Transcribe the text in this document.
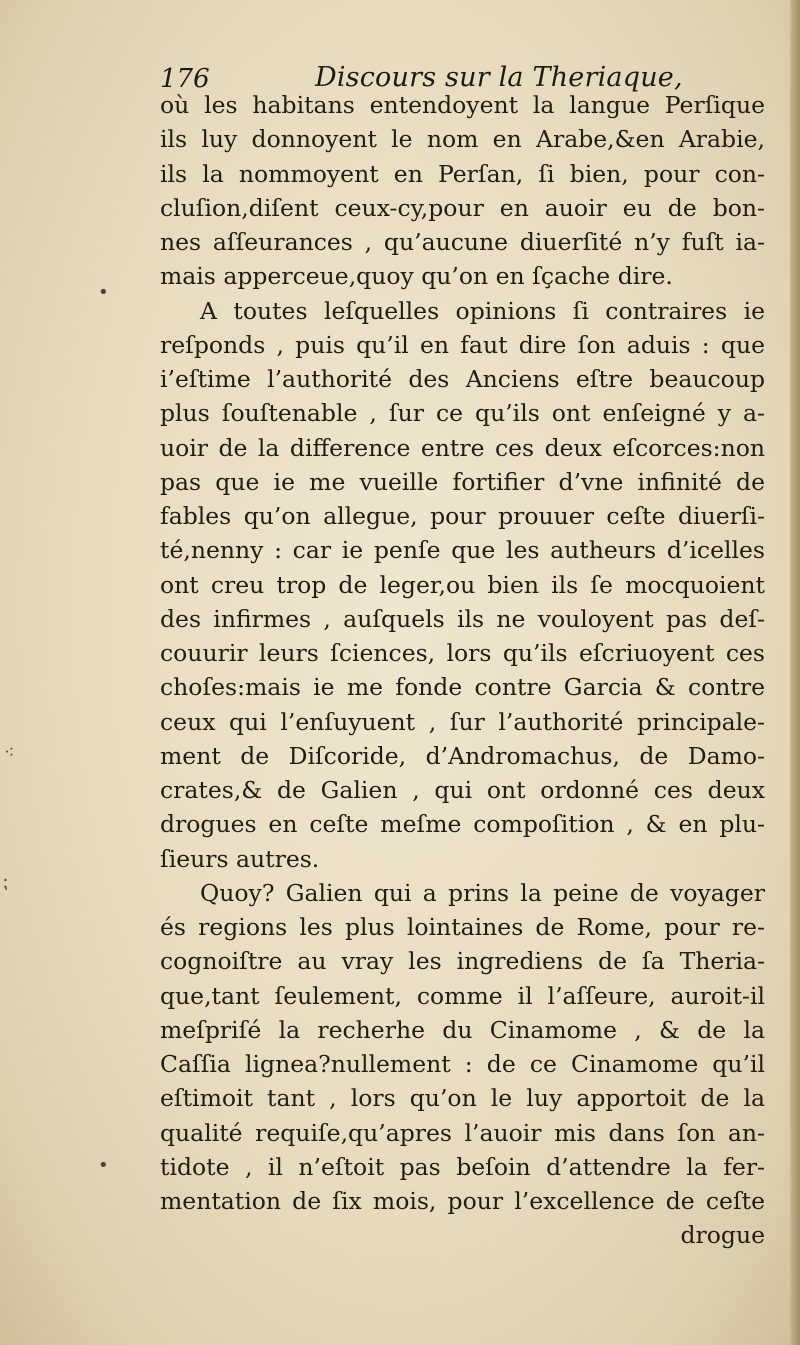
176	Discours sur la Theriaque,
où les habitans entendoyent la langue Perſique
ils luy donnoyent le nom en Arabe,&en Arabie,
ils la nommoyent en Perſan, ſi bien, pour con-
cluſion,diſent ceux-cy,pour en auoir eu de bon-
nes aſſeurances , qu’aucune diuerſité n’y fuſt ia-
mais apperceue,quoy qu’on en ſçache dire.
A toutes leſquelles opinions ſi contraires ie
reſponds , puis qu’il en faut dire ſon aduis : que
i’eſtime l’authorité des Anciens eſtre beaucoup
plus ſouſtenable , ſur ce qu’ils ont enſeigné y a-
uoir de la difference entre ces deux eſcorces:non
pas que ie me vueille fortifier d’vne infinité de
fables qu’on allegue, pour prouuer ceſte diuerſi-
té,nenny : car ie penſe que les autheurs d’icelles
ont creu trop de leger,ou bien ils ſe mocquoient
des infirmes , auſquels ils ne vouloyent pas deſ-
couurir leurs ſciences, lors qu’ils eſcriuoyent ces
choſes:mais ie me fonde contre Garcia & contre
ceux qui l’enſuyuent , ſur l’authorité principale-
ment de Diſcoride, d’Andromachus, de Damo-
crates,& de Galien , qui ont ordonné ces deux
drogues en ceſte meſme compoſition , & en plu-
ſieurs autres.
Quoy? Galien qui a prins la peine de voyager
és regions les plus lointaines de Rome, pour re-
cognoiſtre au vray les ingrediens de ſa Theria-
que,tant ſeulement, comme il l’aſſeure, auroit-il
meſpriſé la recherhe du Cinamome , & de la
Caſſia lignea?nullement : de ce Cinamome qu’il
eſtimoit tant , lors qu’on le luy apportoit de la
qualité requiſe,qu’apres l’auoir mis dans ſon an-
tidote , il n’eſtoit pas beſoin d’attendre la fer-
mentation de ſix mois, pour l’excellence de ceſte
drogue
•
⁖
⁏
•
